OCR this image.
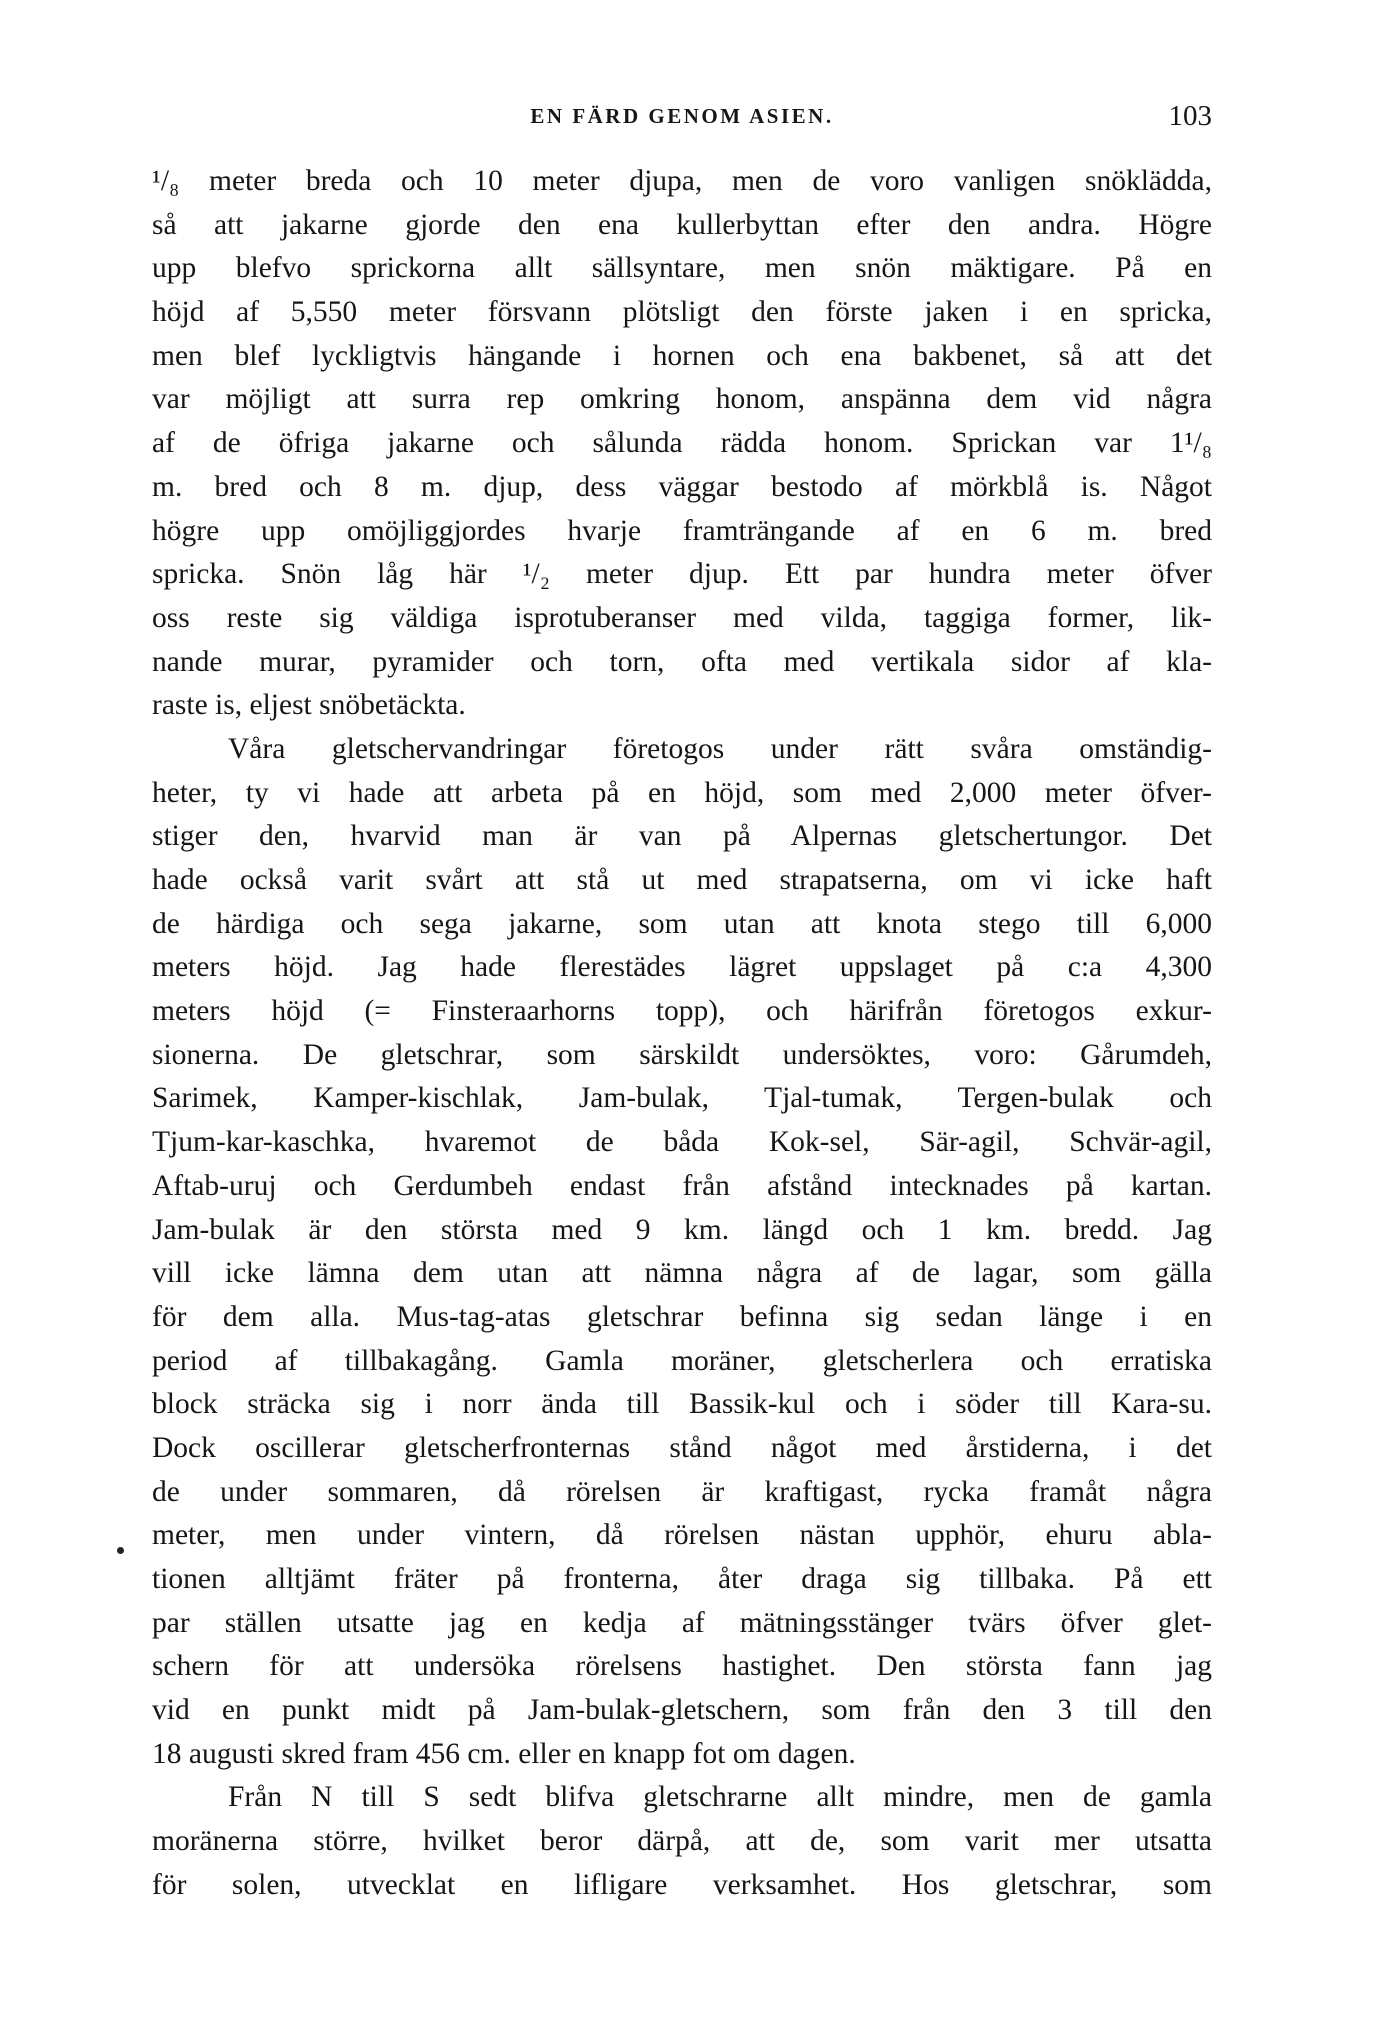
EN FÄRD GENOM ASIEN.	103
¹/₈ meter breda och 10 meter djupa, men de voro vanligen snöklädda,
så att jakarne gjorde den ena kullerbyttan efter den andra. Högre
upp blefvo sprickorna allt sällsyntare, men snön mäktigare. På en
höjd af 5,550 meter försvann plötsligt den förste jaken i en spricka,
men blef lyckligtvis hängande i hornen och ena bakbenet, så att det
var möjligt att surra rep omkring honom, anspänna dem vid några
af de öfriga jakarne och sålunda rädda honom. Sprickan var 1¹/₈
m. bred och 8 m. djup, dess väggar bestodo af mörkblå is. Något
högre upp omöjliggjordes hvarje framträngande af en 6 m. bred
spricka. Snön låg här ¹/₂ meter djup. Ett par hundra meter öfver
oss reste sig väldiga isprotuberanser med vilda, taggiga former, lik-
nande murar, pyramider och torn, ofta med vertikala sidor af kla-
raste is, eljest snöbetäckta.
Våra gletschervandringar företogos under rätt svåra omständig-
heter, ty vi hade att arbeta på en höjd, som med 2,000 meter öfver-
stiger den, hvarvid man är van på Alpernas gletschertungor. Det
hade också varit svårt att stå ut med strapatserna, om vi icke haft
de härdiga och sega jakarne, som utan att knota stego till 6,000
meters höjd. Jag hade flerestädes lägret uppslaget på c:a 4,300
meters höjd (= Finsteraarhorns topp), och härifrån företogos exkur-
sionerna. De gletschrar, som särskildt undersöktes, voro: Gårumdeh,
Sarimek, Kamper-kischlak, Jam-bulak, Tjal-tumak, Tergen-bulak och
Tjum-kar-kaschka, hvaremot de båda Kok-sel, Sär-agil, Schvär-agil,
Aftab-uruj och Gerdumbeh endast från afstånd intecknades på kartan.
Jam-bulak är den största med 9 km. längd och 1 km. bredd. Jag
vill icke lämna dem utan att nämna några af de lagar, som gälla
för dem alla. Mus-tag-atas gletschrar befinna sig sedan länge i en
period af tillbakagång. Gamla moräner, gletscherlera och erratiska
block sträcka sig i norr ända till Bassik-kul och i söder till Kara-su.
Dock oscillerar gletscherfronternas stånd något med årstiderna, i det
de under sommaren, då rörelsen är kraftigast, rycka framåt några
meter, men under vintern, då rörelsen nästan upphör, ehuru abla-
tionen alltjämt fräter på fronterna, åter draga sig tillbaka. På ett
par ställen utsatte jag en kedja af mätningsstänger tvärs öfver glet-
schern för att undersöka rörelsens hastighet. Den största fann jag
vid en punkt midt på Jam-bulak-gletschern, som från den 3 till den
18 augusti skred fram 456 cm. eller en knapp fot om dagen.
Från N till S sedt blifva gletschrarne allt mindre, men de gamla
moränerna större, hvilket beror därpå, att de, som varit mer utsatta
för solen, utvecklat en lifligare verksamhet. Hos gletschrar, som
